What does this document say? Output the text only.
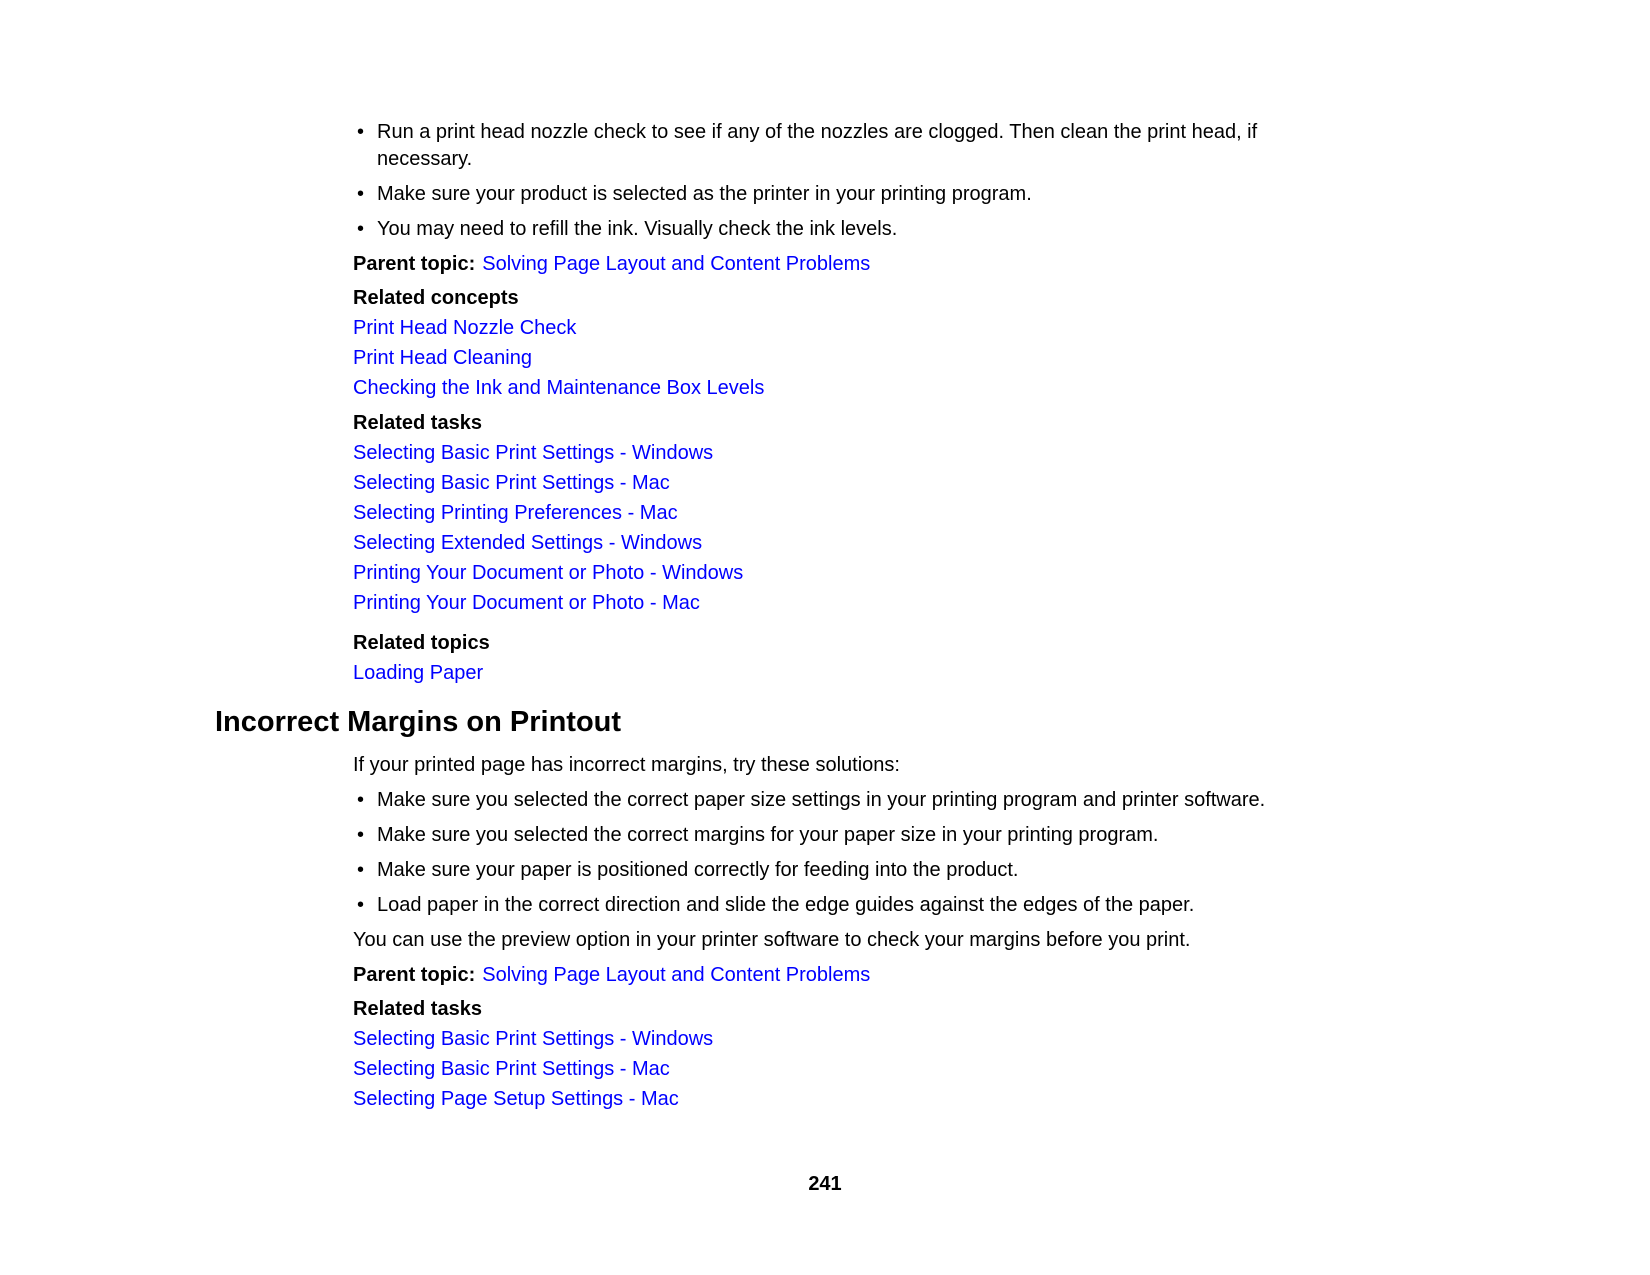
• Run a print head nozzle check to see if any of the nozzles are clogged. Then clean the print head, if necessary.
• Make sure your product is selected as the printer in your printing program.
• You may need to refill the ink. Visually check the ink levels.

Parent topic: Solving Page Layout and Content Problems

Related concepts

Print Head Nozzle Check
Print Head Cleaning
Checking the Ink and Maintenance Box Levels

Related tasks

Selecting Basic Print Settings - Windows
Selecting Basic Print Settings - Mac
Selecting Printing Preferences - Mac
Selecting Extended Settings - Windows
Printing Your Document or Photo - Windows
Printing Your Document or Photo - Mac

Related topics

Loading Paper
Incorrect Margins on Printout

If your printed page has incorrect margins, try these solutions:

• Make sure you selected the correct paper size settings in your printing program and printer software.
• Make sure you selected the correct margins for your paper size in your printing program.
• Make sure your paper is positioned correctly for feeding into the product.
• Load paper in the correct direction and slide the edge guides against the edges of the paper.

You can use the preview option in your printer software to check your margins before you print.

Parent topic: Solving Page Layout and Content Problems

Related tasks

Selecting Basic Print Settings - Windows
Selecting Basic Print Settings - Mac
Selecting Page Setup Settings - Mac
241
